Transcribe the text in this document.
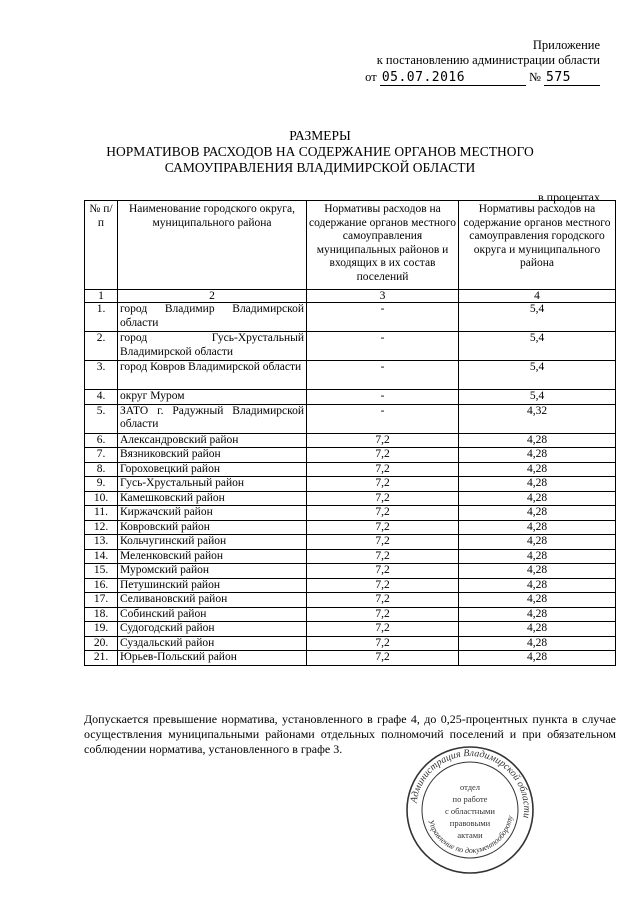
Приложение
к постановлению администрации области
от 05.07.2016	№ 575
РАЗМЕРЫ
НОРМАТИВОВ РАСХОДОВ НА СОДЕРЖАНИЕ ОРГАНОВ МЕСТНОГО
САМОУПРАВЛЕНИЯ ВЛАДИМИРСКОЙ ОБЛАСТИ
в процентах
№ п/п	Наименование городского округа, муниципального района	Нормативы расходов на содержание органов местного самоуправления муниципальных районов и входящих в их состав поселений	Нормативы расходов на содержание органов местного самоуправления городского округа и муниципального района
1	2	3	4
1.	город Владимир Владимирской области	-	5,4
2.	город Гусь-Хрустальный Владимирской области	-	5,4
3.	город Ковров Владимирской области	-	5,4
4.	округ Муром	-	5,4
5.	ЗАТО г. Радужный Владимирской области	-	4,32
6.	Александровский район	7,2	4,28
7.	Вязниковский район	7,2	4,28
8.	Гороховецкий район	7,2	4,28
9.	Гусь-Хрустальный район	7,2	4,28
10.	Камешковский район	7,2	4,28
11.	Киржачский район	7,2	4,28
12.	Ковровский район	7,2	4,28
13.	Кольчугинский район	7,2	4,28
14.	Меленковский район	7,2	4,28
15.	Муромский район	7,2	4,28
16.	Петушинский район	7,2	4,28
17.	Селивановский район	7,2	4,28
18.	Собинский район	7,2	4,28
19.	Судогодский район	7,2	4,28
20.	Суздальский район	7,2	4,28
21.	Юрьев-Польский район	7,2	4,28
Допускается превышение норматива, установленного в графе 4, до 0,25-процентных пункта в случае осуществления муниципальными районами отдельных полномочий поселений и при обязательном соблюдении норматива, установленного в графе 3.
Администрация Владимирской области
отдел
по работе
с областными
правовыми
актами
Управление по документообороту
